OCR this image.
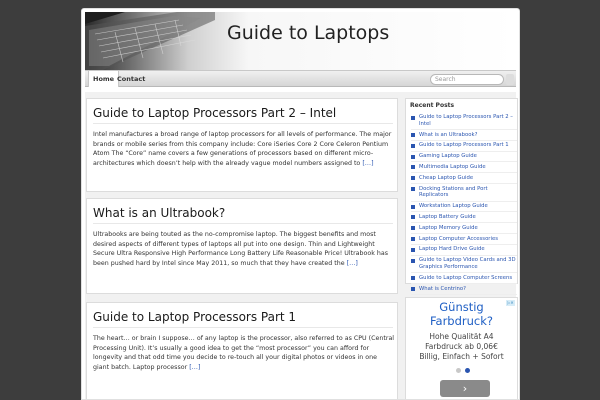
Guide to Laptops
Home Contact	Search
Guide to Laptop Processors Part 2 – Intel
Intel manufactures a broad range of laptop processors for all levels of performance. The major brands or mobile series from this company include: Core iSeries Core 2 Core Celeron Pentium Atom The “Core” name covers a few generations of processors based on different micro-architectures which doesn’t help with the already vague model numbers assigned to […]
What is an Ultrabook?
Ultrabooks are being touted as the no-compromise laptop. The biggest benefits and most desired aspects of different types of laptops all put into one design. Thin and Lightweight Secure Ultra Responsive High Performance Long Battery Life Reasonable Price! Ultrabook has been pushed hard by Intel since May 2011, so much that they have created the […]
Guide to Laptop Processors Part 1
The heart… or brain I suppose… of any laptop is the processor, also referred to as CPU (Central Processing Unit). It’s usually a good idea to get the “most processor” you can afford for longevity and that odd time you decide to re-touch all your digital photos or videos in one giant batch. Laptop processor […]
Recent Posts
Guide to Laptop Processors Part 2 – Intel
What is an Ultrabook?
Guide to Laptop Processors Part 1
Gaming Laptop Guide
Multimedia Laptop Guide
Cheap Laptop Guide
Docking Stations and Port Replicators
Workstation Laptop Guide
Laptop Battery Guide
Laptop Memory Guide
Laptop Computer Accessories
Laptop Hard Drive Guide
Guide to Laptop Video Cards and 3D Graphics Performance
Guide to Laptop Computer Screens
What is Centrino?
▷✕
Günstig Farbdruck?
Hohe Qualität A4
Farbdruck ab 0,06€
Billig, Einfach + Sofort
›
